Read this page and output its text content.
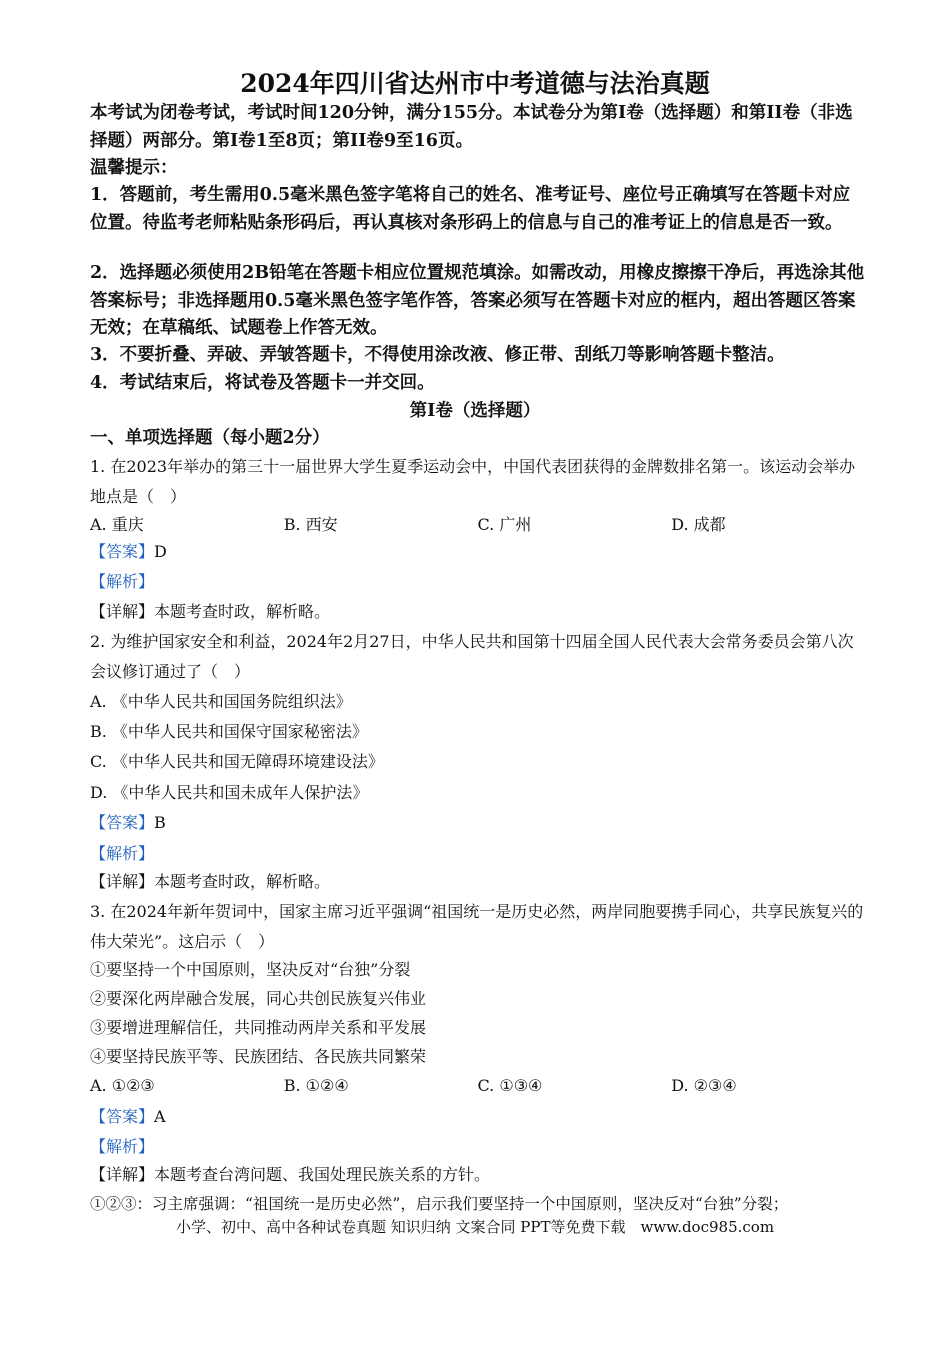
2024年四川省达州市中考道德与法治真题
本考试为闭卷考试，考试时间120分钟，满分155分。本试卷分为第I卷（选择题）和第II卷（非选择题）两部分。第I卷1至8页；第II卷9至16页。
温馨提示：
1．答题前，考生需用0.5毫米黑色签字笔将自己的姓名、准考证号、座位号正确填写在答题卡对应位置。待监考老师粘贴条形码后，再认真核对条形码上的信息与自己的准考证上的信息是否一致。
2．选择题必须使用2B铅笔在答题卡相应位置规范填涂。如需改动，用橡皮擦擦干净后，再选涂其他答案标号；非选择题用0.5毫米黑色签字笔作答，答案必须写在答题卡对应的框内，超出答题区答案无效；在草稿纸、试题卷上作答无效。
3．不要折叠、弄破、弄皱答题卡，不得使用涂改液、修正带、刮纸刀等影响答题卡整洁。
4．考试结束后，将试卷及答题卡一并交回。
第Ⅰ卷（选择题）
一、单项选择题（每小题2分）
1. 在2023年举办的第三十一届世界大学生夏季运动会中，中国代表团获得的金牌数排名第一。该运动会举办地点是（　）
A. 重庆	B. 西安	C. 广州	D. 成都
【答案】D
【解析】
【详解】本题考查时政，解析略。
2. 为维护国家安全和利益，2024年2月27日，中华人民共和国第十四届全国人民代表大会常务委员会第八次会议修订通过了（　）
A. 《中华人民共和国国务院组织法》
B. 《中华人民共和国保守国家秘密法》
C. 《中华人民共和国无障碍环境建设法》
D. 《中华人民共和国未成年人保护法》
【答案】B
【解析】
【详解】本题考查时政，解析略。
3. 在2024年新年贺词中，国家主席习近平强调“祖国统一是历史必然，两岸同胞要携手同心，共享民族复兴的伟大荣光”。这启示（　）
①要坚持一个中国原则，坚决反对“台独”分裂
②要深化两岸融合发展，同心共创民族复兴伟业
③要增进理解信任，共同推动两岸关系和平发展
④要坚持民族平等、民族团结、各民族共同繁荣
A. ①②③	B. ①②④	C. ①③④	D. ②③④
【答案】A
【解析】
【详解】本题考查台湾问题、我国处理民族关系的方针。
①②③：习主席强调：“祖国统一是历史必然”，启示我们要坚持一个中国原则，坚决反对“台独”分裂；
小学、初中、高中各种试卷真题 知识归纳 文案合同 PPT等免费下载　www.doc985.com
